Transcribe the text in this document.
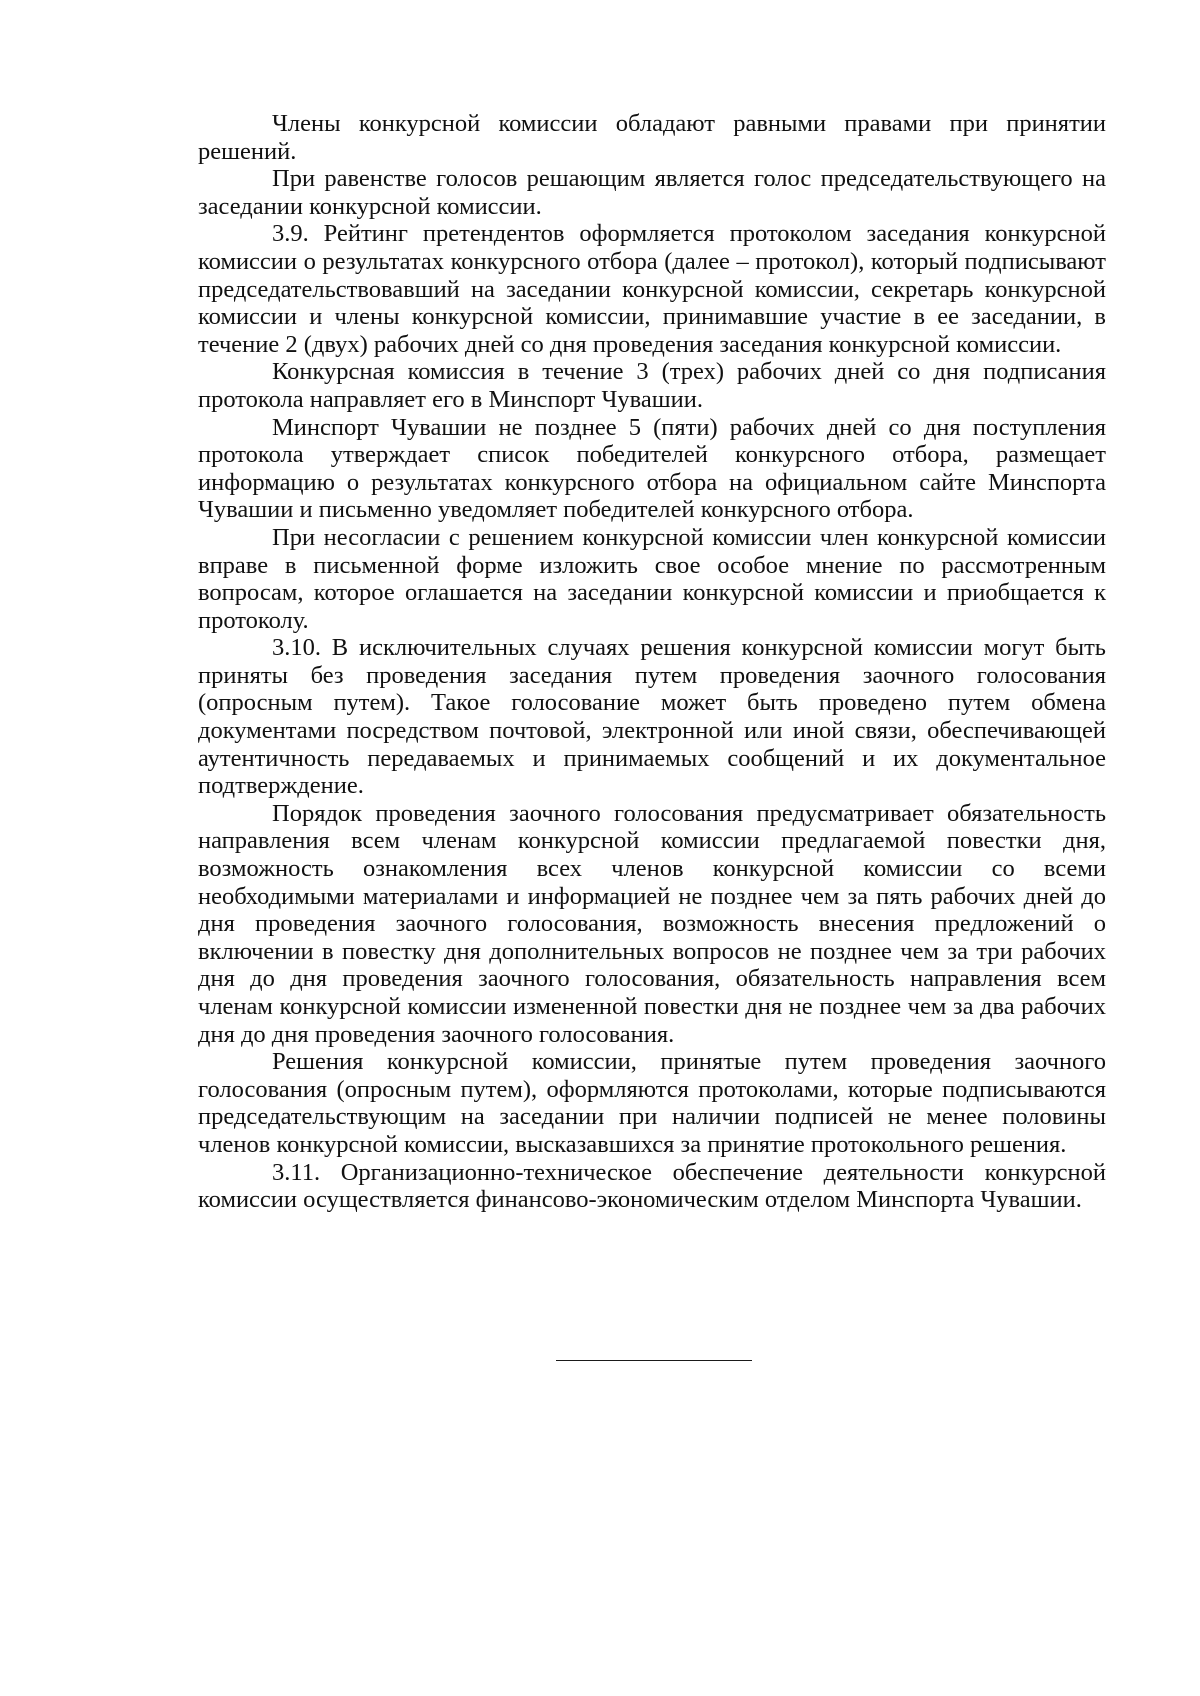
Члены конкурсной комиссии обладают равными правами при принятии решений.

При равенстве голосов решающим является голос председательствующего на заседании конкурсной комиссии.

3.9. Рейтинг претендентов оформляется протоколом заседания конкурсной комиссии о результатах конкурсного отбора (далее – протокол), который подписывают председательствовавший на заседании конкурсной комиссии, секретарь конкурсной комиссии и члены конкурсной комиссии, принимавшие участие в ее заседании, в течение 2 (двух) рабочих дней со дня проведения заседания конкурсной комиссии.

Конкурсная комиссия в течение 3 (трех) рабочих дней со дня подписания протокола направляет его в Минспорт Чувашии.

Минспорт Чувашии не позднее 5 (пяти) рабочих дней со дня поступления протокола утверждает список победителей конкурсного отбора, размещает информацию о результатах конкурсного отбора на официальном сайте Минспорта Чувашии и письменно уведомляет победителей конкурсного отбора.

При несогласии с решением конкурсной комиссии член конкурсной комиссии вправе в письменной форме изложить свое особое мнение по рассмотренным вопросам, которое оглашается на заседании конкурсной комиссии и приобщается к протоколу.

3.10. В исключительных случаях решения конкурсной комиссии могут быть приняты без проведения заседания путем проведения заочного голосования (опросным путем). Такое голосование может быть проведено путем обмена документами посредством почтовой, электронной или иной связи, обеспечивающей аутентичность передаваемых и принимаемых сообщений и их документальное подтверждение.

Порядок проведения заочного голосования предусматривает обязательность направления всем членам конкурсной комиссии предлагаемой повестки дня, возможность ознакомления всех членов конкурсной комиссии со всеми необходимыми материалами и информацией не позднее чем за пять рабочих дней до дня проведения заочного голосования, возможность внесения предложений о включении в повестку дня дополнительных вопросов не позднее чем за три рабочих дня до дня проведения заочного голосования, обязательность направления всем членам конкурсной комиссии измененной повестки дня не позднее чем за два рабочих дня до дня проведения заочного голосования.

Решения конкурсной комиссии, принятые путем проведения заочного голосования (опросным путем), оформляются протоколами, которые подписываются председательствующим на заседании при наличии подписей не менее половины членов конкурсной комиссии, высказавшихся за принятие протокольного решения.

3.11. Организационно-техническое обеспечение деятельности конкурсной комиссии осуществляется финансово-экономическим отделом Минспорта Чувашии.
